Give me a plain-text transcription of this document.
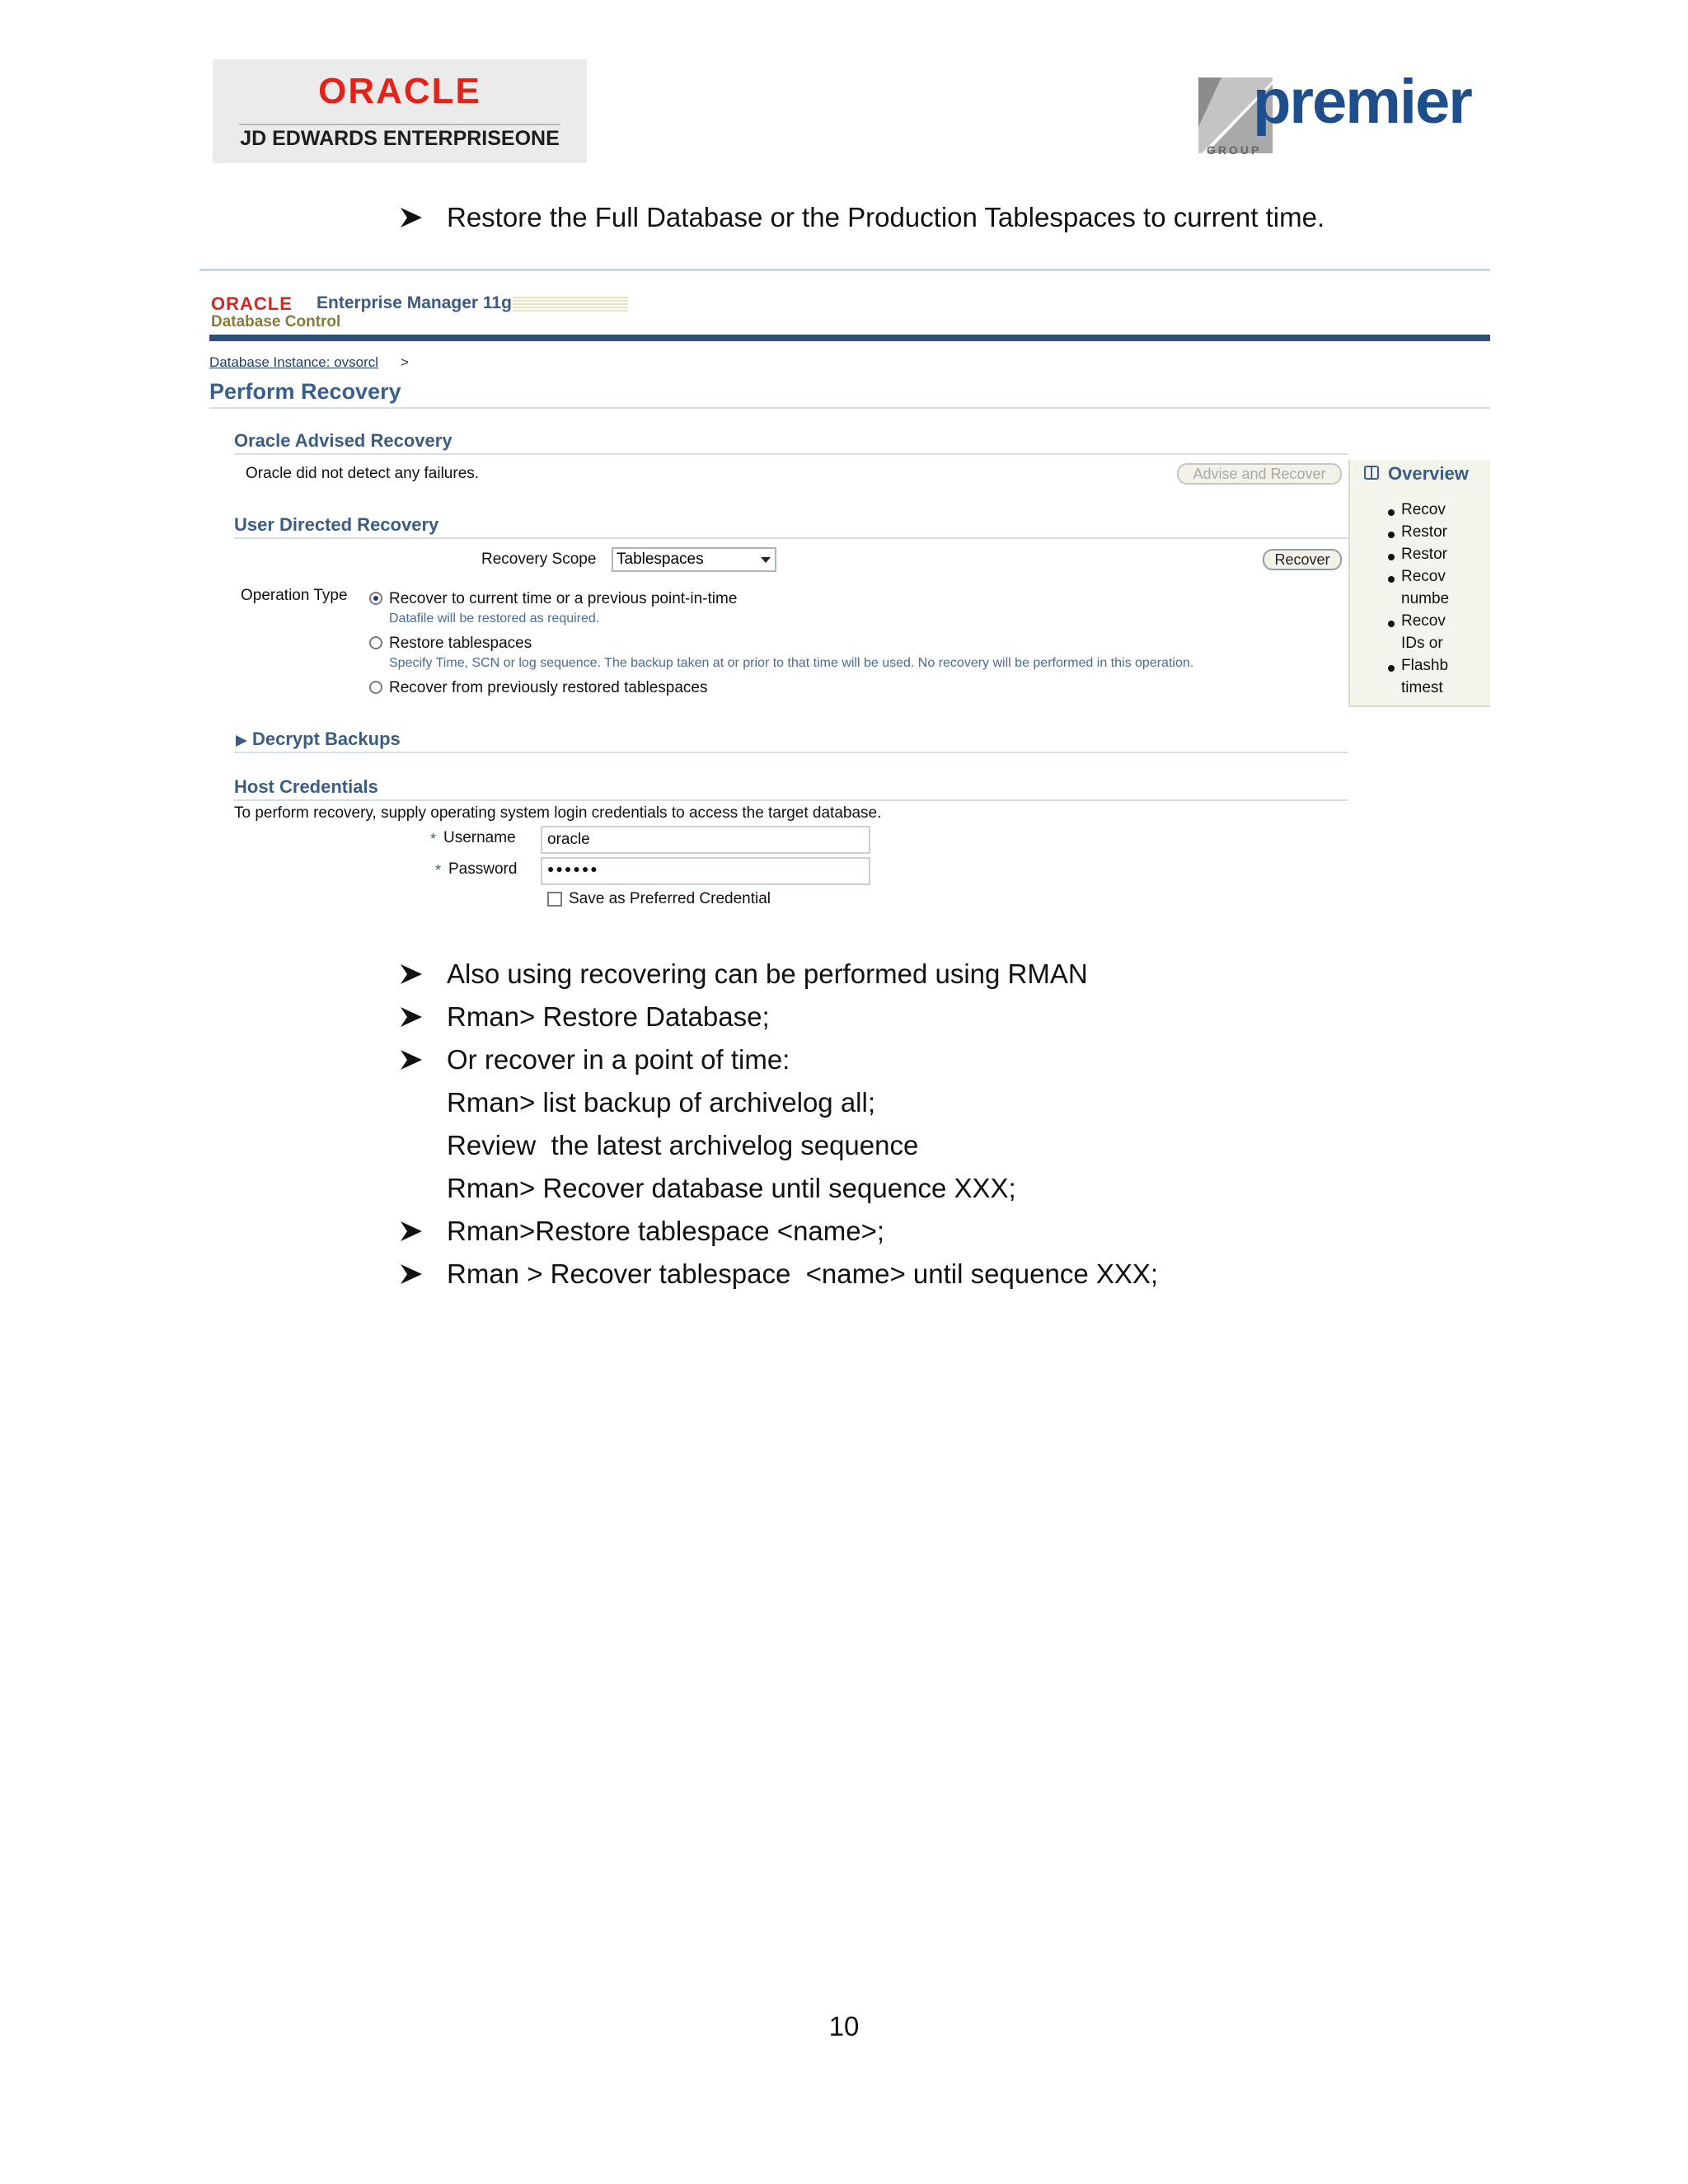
ORACLE
JD EDWARDS ENTERPRISEONE
premier
GROUP
Restore the Full Database or the Production Tablespaces to current time.
ORACLE Enterprise Manager 11g
Database Control
Database Instance: ovsorcl >
Perform Recovery
Oracle Advised Recovery
Oracle did not detect any failures.	Advise and Recover
User Directed Recovery
Recovery Scope Tablespaces	Recover
Operation Type	Recover to current time or a previous point-in-time
Datafile will be restored as required.
Restore tablespaces
Specify Time, SCN or log sequence. The backup taken at or prior to that time will be used. No recovery will be performed in this operation.
Recover from previously restored tablespaces
Overview
Recov
Restor
Restor
Recov
numbe
Recov
IDs or
Flashb
timest
Decrypt Backups
Host Credentials
To perform recovery, supply operating system login credentials to access the target database.
* Username	oracle
* Password	●●●●●●
Save as Preferred Credential
Also using recovering can be performed using RMAN
Rman> Restore Database;
Or recover in a point of time:
Rman> list backup of archivelog all;
Review  the latest archivelog sequence
Rman> Recover database until sequence XXX;
Rman>Restore tablespace <name>;
Rman > Recover tablespace  <name> until sequence XXX;
10
